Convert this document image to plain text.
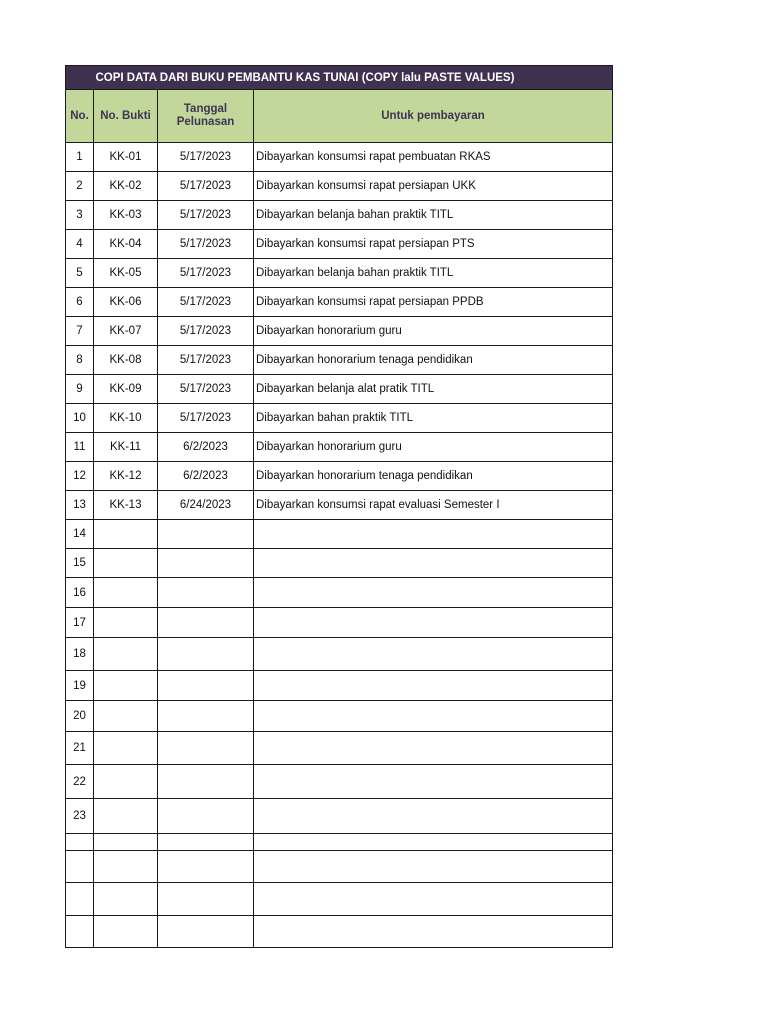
	COPI DATA DARI BUKU PEMBANTU KAS TUNAI (COPY lalu PASTE VALUES)		
No.	No. Bukti	Tanggal Pelunasan	Untuk pembayaran
1	KK-01	5/17/2023	Dibayarkan konsumsi rapat pembuatan RKAS
2	KK-02	5/17/2023	Dibayarkan konsumsi rapat persiapan UKK
3	KK-03	5/17/2023	Dibayarkan belanja bahan praktik TITL
4	KK-04	5/17/2023	Dibayarkan konsumsi rapat persiapan PTS
5	KK-05	5/17/2023	Dibayarkan belanja bahan praktik TITL
6	KK-06	5/17/2023	Dibayarkan konsumsi rapat persiapan PPDB
7	KK-07	5/17/2023	Dibayarkan honorarium guru
8	KK-08	5/17/2023	Dibayarkan honorarium tenaga pendidikan
9	KK-09	5/17/2023	Dibayarkan belanja alat pratik TITL
10	KK-10	5/17/2023	Dibayarkan bahan praktik TITL
11	KK-11	6/2/2023	Dibayarkan honorarium guru
12	KK-12	6/2/2023	Dibayarkan honorarium tenaga pendidikan
13	KK-13	6/24/2023	Dibayarkan konsumsi rapat evaluasi Semester I
14			
15			
16			
17			
18			
19			
20			
21			
22			
23			
